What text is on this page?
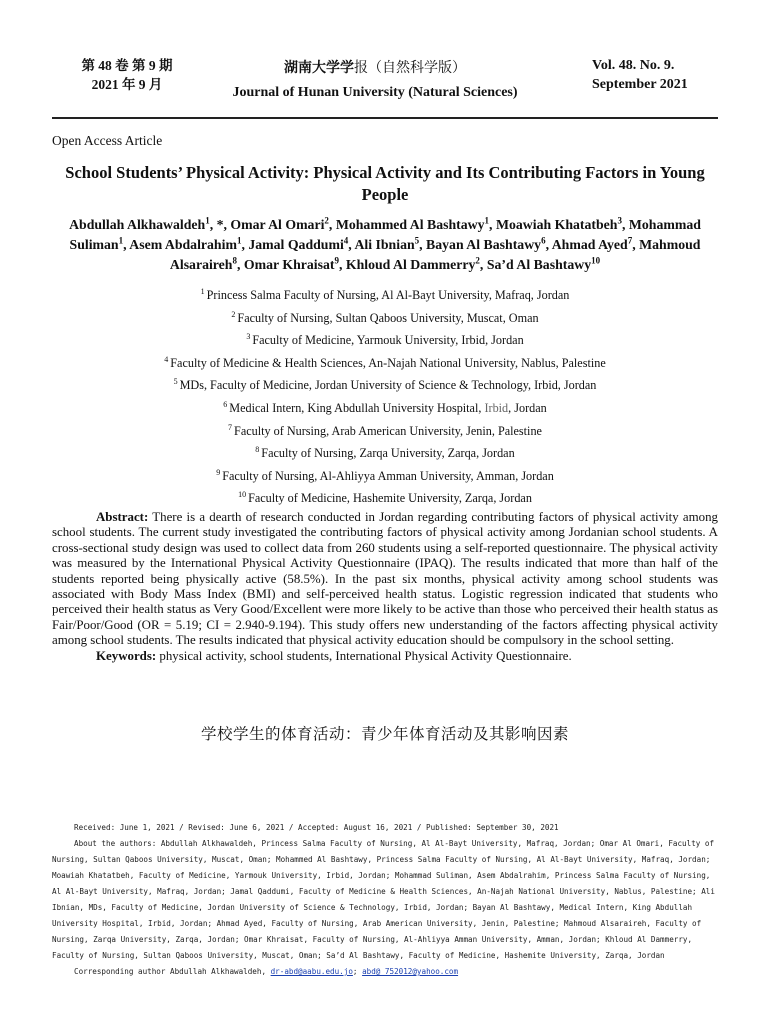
第 48 卷 第 9 期
2021 年 9 月
湖南大学学报（自然科学版）
Journal of Hunan University (Natural Sciences)
Vol. 48. No. 9.
September 2021
Open Access Article
School Students’ Physical Activity: Physical Activity and Its Contributing Factors in Young People
Abdullah Alkhawaldeh$^1$, *, Omar Al Omari$^2$, Mohammed Al Bashtawy$^1$, Moawiah Khatatbeh$^3$, Mohammad Suliman$^1$, Asem Abdalrahim$^1$, Jamal Qaddumi$^4$, Ali Ibnian$^5$, Bayan Al Bashtawy$^6$, Ahmad Ayed$^7$, Mahmoud Alsaraireh$^8$, Omar Khraisat$^9$, Khloud Al Dammerry$^2$, Sa’d Al Bashtawy$^{10}$
$^1$ Princess Salma Faculty of Nursing, Al Al-Bayt University, Mafraq, Jordan
$^2$ Faculty of Nursing, Sultan Qaboos University, Muscat, Oman
$^3$ Faculty of Medicine, Yarmouk University, Irbid, Jordan
$^4$ Faculty of Medicine & Health Sciences, An-Najah National University, Nablus, Palestine
$^5$ MDs, Faculty of Medicine, Jordan University of Science & Technology, Irbid, Jordan
$^6$ Medical Intern, King Abdullah University Hospital, Irbid, Jordan
$^7$ Faculty of Nursing, Arab American University, Jenin, Palestine
$^8$ Faculty of Nursing, Zarqa University, Zarqa, Jordan
$^9$ Faculty of Nursing, Al-Ahliyya Amman University, Amman, Jordan
$^{10}$ Faculty of Medicine, Hashemite University, Zarqa, Jordan

Abstract: There is a dearth of research conducted in Jordan regarding contributing factors of physical activity among school students. The current study investigated the contributing factors of physical activity among Jordanian school students. A cross-sectional study design was used to collect data from 260 students using a self-reported questionnaire. The physical activity was measured by the International Physical Activity Questionnaire (IPAQ). The results indicated that more than half of the students reported being physically active (58.5%). In the past six months, physical activity among school students was associated with Body Mass Index (BMI) and self-perceived health status. Logistic regression indicated that students who perceived their health status as Very Good/Excellent were more likely to be active than those who perceived their health status as Fair/Poor/Good (OR = 5.19; CI = 2.940-9.194). This study offers new understanding of the factors affecting physical activity among school students. The results indicated that physical activity education should be compulsory in the school setting.

Keywords: physical activity, school students, International Physical Activity Questionnaire.

学校学生的体育活动：青少年体育活动及其影响因素

Received: June 1, 2021 / Revised: June 6, 2021 / Accepted: August 16, 2021 / Published: September 30, 2021

About the authors: Abdullah Alkhawaldeh, Princess Salma Faculty of Nursing, Al Al-Bayt University, Mafraq, Jordan; Omar Al Omari, Faculty of Nursing, Sultan Qaboos University, Muscat, Oman; Mohammed Al Bashtawy, Princess Salma Faculty of Nursing, Al Al-Bayt University, Mafraq, Jordan; Moawiah Khatatbeh, Faculty of Medicine, Yarmouk University, Irbid, Jordan; Mohammad Suliman, Asem Abdalrahim, Princess Salma Faculty of Nursing, Al Al-Bayt University, Mafraq, Jordan; Jamal Qaddumi, Faculty of Medicine & Health Sciences, An-Najah National University, Nablus, Palestine; Ali Ibnian, MDs, Faculty of Medicine, Jordan University of Science & Technology, Irbid, Jordan; Bayan Al Bashtawy, Medical Intern, King Abdullah University Hospital, Irbid, Jordan; Ahmad Ayed, Faculty of Nursing, Arab American University, Jenin, Palestine; Mahmoud Alsaraireh, Faculty of Nursing, Zarqa University, Zarqa, Jordan; Omar Khraisat, Faculty of Nursing, Al-Ahliyya Amman University, Amman, Jordan; Khloud Al Dammerry, Faculty of Nursing, Sultan Qaboos University, Muscat, Oman; Sa’d Al Bashtawy, Faculty of Medicine, Hashemite University, Zarqa, Jordan

Corresponding author Abdullah Alkhawaldeh, dr-abd@aabu.edu.jo; abd@_752012@yahoo.com
